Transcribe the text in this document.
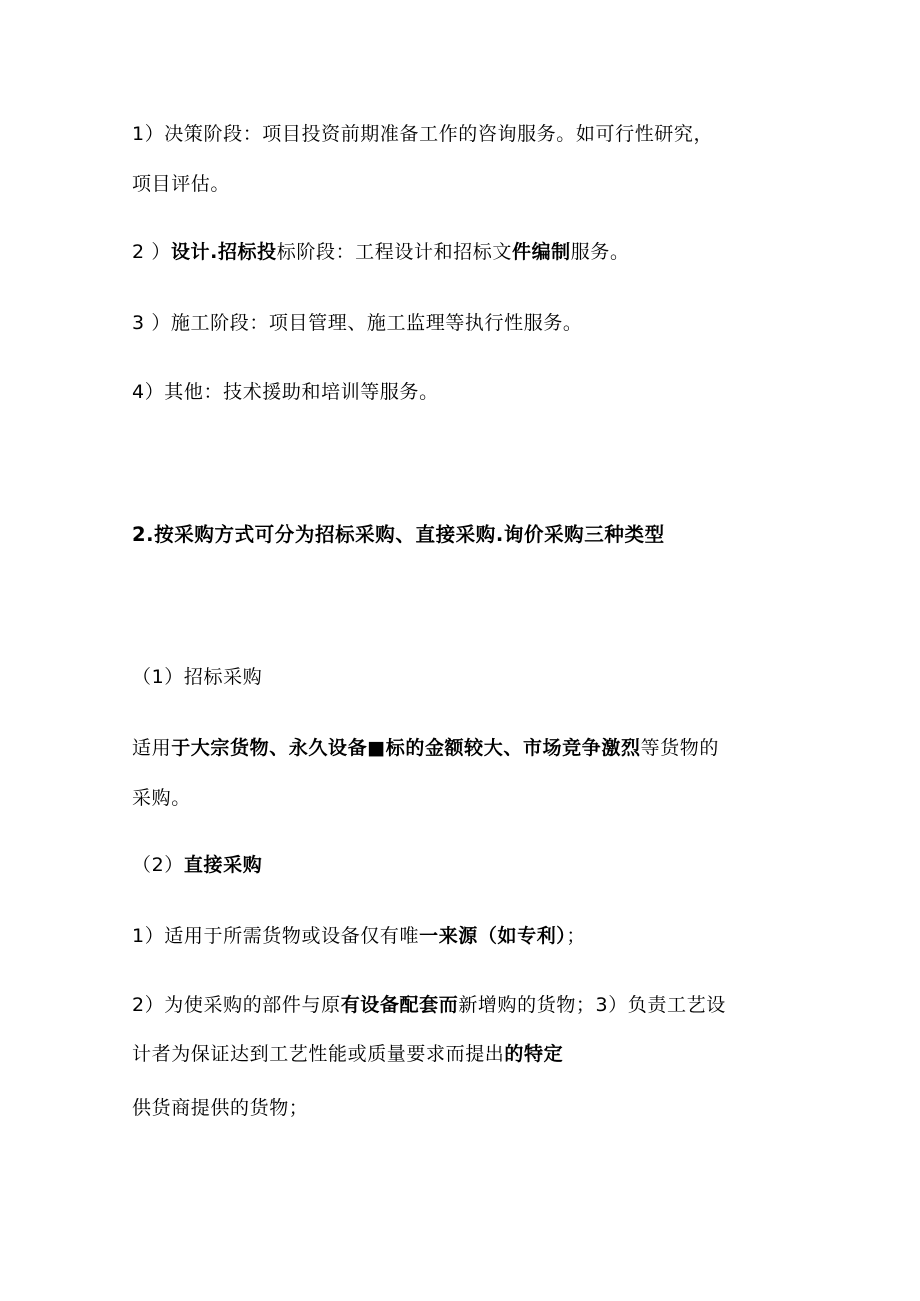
1）决策阶段：项目投资前期准备工作的咨询服务。如可行性研究，
项目评估。
2 ）设计.招标投标阶段：工程设计和招标文件编制服务。
3 ）施工阶段：项目管理、施工监理等执行性服务。
4）其他：技术援助和培训等服务。
2.按采购方式可分为招标采购、直接采购.询价采购三种类型
（1）招标采购
适用于大宗货物、永久设备■标的金额较大、市场竞争激烈等货物的
采购。
（2）直接采购
1）适用于所需货物或设备仅有唯一来源（如专利）；
2）为使采购的部件与原有设备配套而新增购的货物；3）负责工艺设
计者为保证达到工艺性能或质量要求而提出的特定
供货商提供的货物；
